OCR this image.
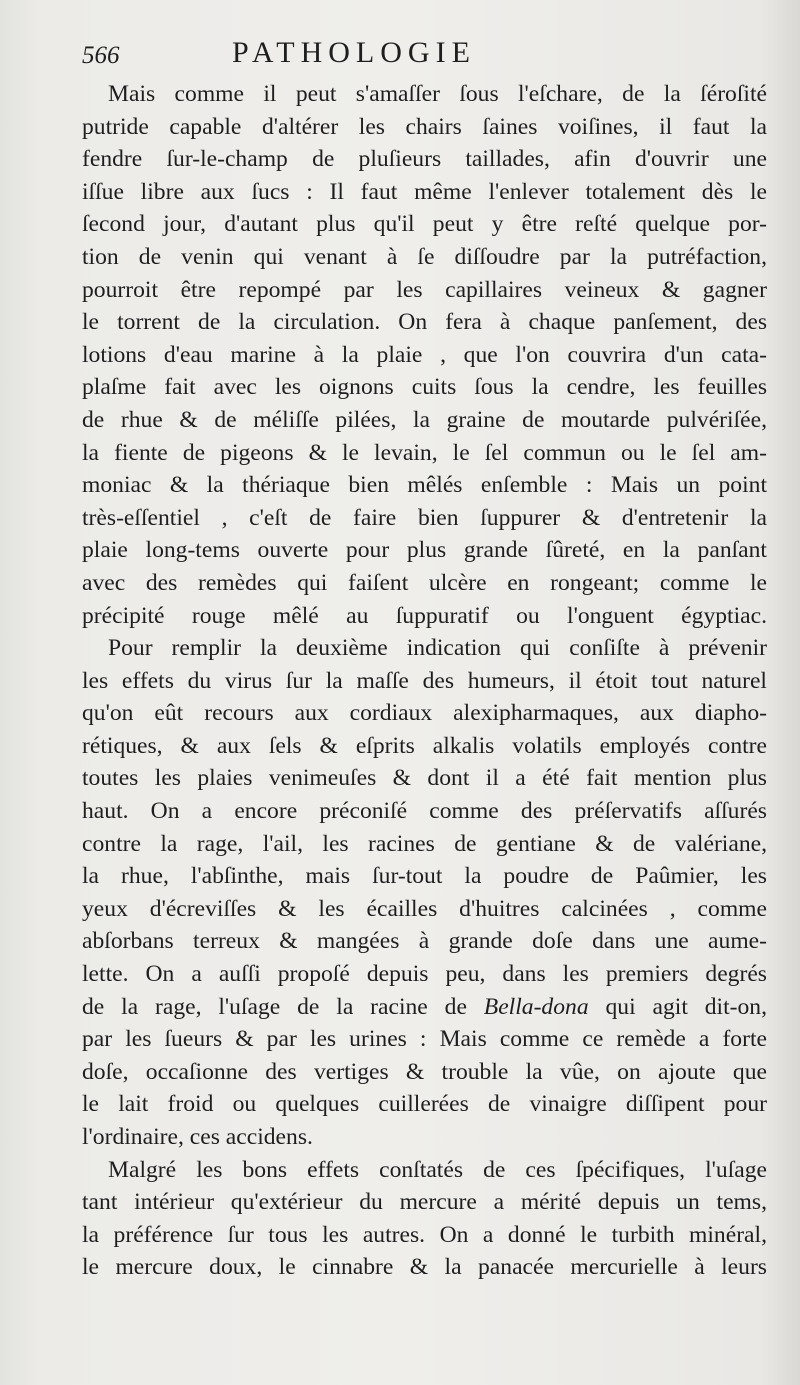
566	PATHOLOGIE

Mais comme il peut s'amaſſer ſous l'eſchare, de la ſéroſité
putride capable d'altérer les chairs ſaines voiſines, il faut la
fendre ſur-le-champ de pluſieurs taillades, afin d'ouvrir une
iſſue libre aux ſucs : Il faut même l'enlever totalement dès le
ſecond jour, d'autant plus qu'il peut y être reſté quelque por-
tion de venin qui venant à ſe diſſoudre par la putréfaction,
pourroit être repompé par les capillaires veineux & gagner
le torrent de la circulation. On fera à chaque panſement, des
lotions d'eau marine à la plaie , que l'on couvrira d'un cata-
plaſme fait avec les oignons cuits ſous la cendre, les feuilles
de rhue & de méliſſe pilées, la graine de moutarde pulvériſée,
la fiente de pigeons & le levain, le ſel commun ou le ſel am-
moniac & la thériaque bien mêlés enſemble : Mais un point
très-eſſentiel , c'eſt de faire bien ſuppurer & d'entretenir la
plaie long-tems ouverte pour plus grande ſûreté, en la panſant
avec des remèdes qui faiſent ulcère en rongeant; comme le
précipité rouge mêlé au ſuppuratif ou l'onguent égyptiac.

Pour remplir la deuxième indication qui conſiſte à prévenir
les effets du virus ſur la maſſe des humeurs, il étoit tout naturel
qu'on eût recours aux cordiaux alexipharmaques, aux diapho-
rétiques, & aux ſels & eſprits alkalis volatils employés contre
toutes les plaies venimeuſes & dont il a été fait mention plus
haut. On a encore préconiſé comme des préſervatifs aſſurés
contre la rage, l'ail, les racines de gentiane & de valériane,
la rhue, l'abſinthe, mais ſur-tout la poudre de Paûmier, les
yeux d'écreviſſes & les écailles d'huitres calcinées , comme
abſorbans terreux & mangées à grande doſe dans une aume-
lette. On a auſſi propoſé depuis peu, dans les premiers degrés
de la rage, l'uſage de la racine de Bella-dona qui agit dit-on,
par les ſueurs & par les urines : Mais comme ce remède a forte
doſe, occaſionne des vertiges & trouble la vûe, on ajoute que
le lait froid ou quelques cuillerées de vinaigre diſſipent pour
l'ordinaire, ces accidens.

Malgré les bons effets conſtatés de ces ſpécifiques, l'uſage
tant intérieur qu'extérieur du mercure a mérité depuis un tems,
la préférence ſur tous les autres. On a donné le turbith minéral,
le mercure doux, le cinnabre & la panacée mercurielle à leurs
